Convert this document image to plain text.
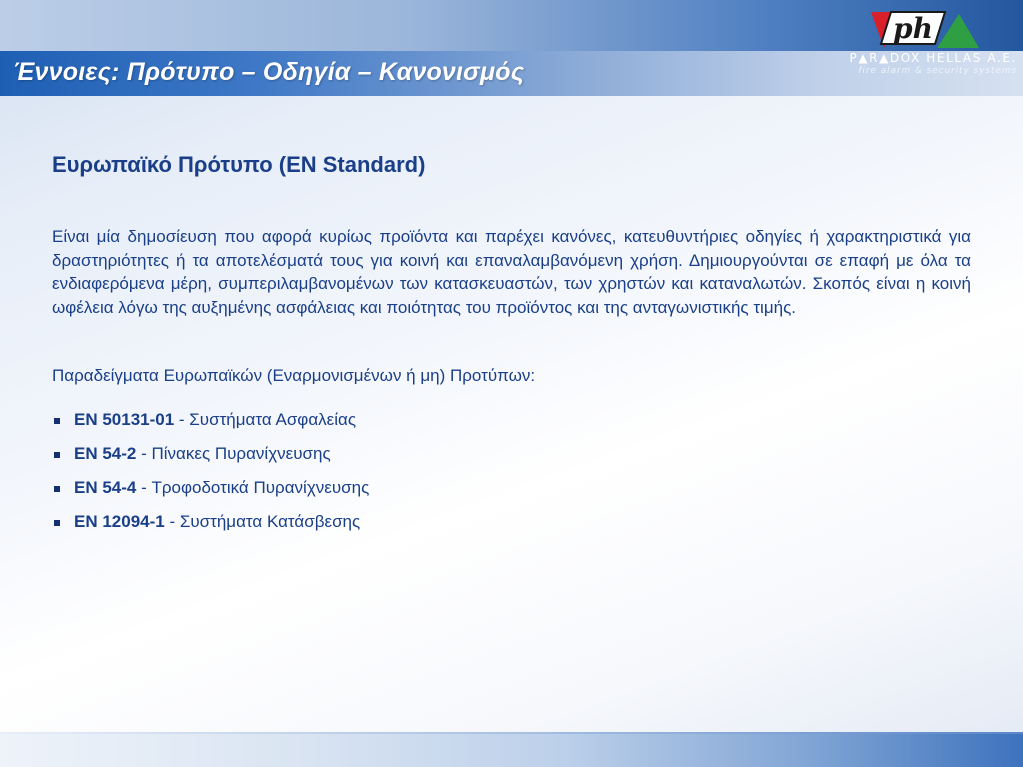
Έννοιες: Πρότυπο – Οδηγία – Κανονισμός
ph
P▲R▲DOX HELLAS A.E.
fire alarm & security systems
Ευρωπαϊκό Πρότυπο (EN Standard)

Είναι μία δημοσίευση που αφορά κυρίως προϊόντα και παρέχει κανόνες, κατευθυντήριες οδηγίες ή χαρακτηριστικά για δραστηριότητες ή τα αποτελέσματά τους για κοινή και επαναλαμβανόμενη χρήση. Δημιουργούνται σε επαφή με όλα τα ενδιαφερόμενα μέρη, συμπεριλαμβανομένων των κατασκευαστών, των χρηστών και καταναλωτών. Σκοπός είναι η κοινή ωφέλεια λόγω της αυξημένης ασφάλειας και ποιότητας του προϊόντος και της ανταγωνιστικής τιμής.

Παραδείγματα Ευρωπαϊκών (Εναρμονισμένων ή μη) Προτύπων:

EN 50131-01 - Συστήματα Ασφαλείας
EN 54-2 - Πίνακες Πυρανίχνευσης
EN 54-4 - Τροφοδοτικά Πυρανίχνευσης
EN 12094-1 - Συστήματα Κατάσβεσης
